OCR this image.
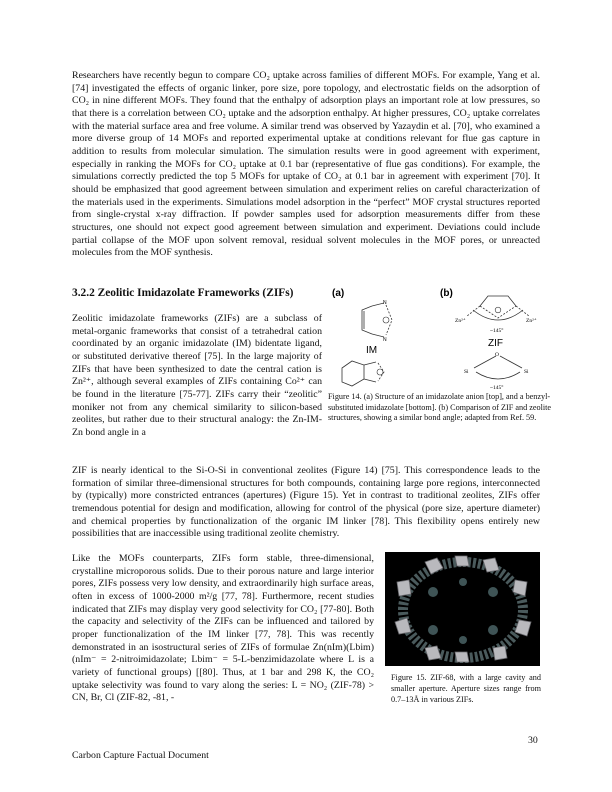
Researchers have recently begun to compare CO₂ uptake across families of different MOFs. For example, Yang et al. [74] investigated the effects of organic linker, pore size, pore topology, and electrostatic fields on the adsorption of CO₂ in nine different MOFs. They found that the enthalpy of adsorption plays an important role at low pressures, so that there is a correlation between CO₂ uptake and the adsorption enthalpy. At higher pressures, CO₂ uptake correlates with the material surface area and free volume. A similar trend was observed by Yazaydin et al. [70], who examined a more diverse group of 14 MOFs and reported experimental uptake at conditions relevant for flue gas capture in addition to results from molecular simulation. The simulation results were in good agreement with experiment, especially in ranking the MOFs for CO₂ uptake at 0.1 bar (representative of flue gas conditions). For example, the simulations correctly predicted the top 5 MOFs for uptake of CO₂ at 0.1 bar in agreement with experiment [70]. It should be emphasized that good agreement between simulation and experiment relies on careful characterization of the materials used in the experiments. Simulations model adsorption in the “perfect” MOF crystal structures reported from single-crystal x-ray diffraction. If powder samples used for adsorption measurements differ from these structures, one should not expect good agreement between simulation and experiment. Deviations could include partial collapse of the MOF upon solvent removal, residual solvent molecules in the MOF pores, or unreacted molecules from the MOF synthesis.

3.2.2 Zeolitic Imidazolate Frameworks (ZIFs)

Zeolitic imidazolate frameworks (ZIFs) are a subclass of metal-organic frameworks that consist of a tetrahedral cation coordinated by an organic imidazolate (IM) bidentate ligand, or substituted derivative thereof [75]. In the large majority of ZIFs that have been synthesized to date the central cation is Zn²⁺, although several examples of ZIFs containing Co²⁺ can be found in the literature [75-77]. ZIFs carry their “zeolitic” moniker not from any chemical similarity to silicon-based zeolites, but rather due to their structural analogy: the Zn-IM-Zn bond angle in a

(a)	(b)
N
N
IM
Zn²⁺	Zn²⁺
~145°
ZIF
O
Si	Si
~145°

Figure 14. (a) Structure of an imidazolate anion [top], and a benzyl-substituted imidazolate [bottom]. (b) Comparison of ZIF and zeolite structures, showing a similar bond angle; adapted from Ref. 59.

ZIF is nearly identical to the Si-O-Si in conventional zeolites (Figure 14) [75]. This correspondence leads to the formation of similar three-dimensional structures for both compounds, containing large pore regions, interconnected by (typically) more constricted entrances (apertures) (Figure 15). Yet in contrast to traditional zeolites, ZIFs offer tremendous potential for design and modification, allowing for control of the physical (pore size, aperture diameter) and chemical properties by functionalization of the organic IM linker [78]. This flexibility opens entirely new possibilities that are inaccessible using traditional zeolite chemistry.

Like the MOFs counterparts, ZIFs form stable, three-dimensional, crystalline microporous solids. Due to their porous nature and large interior pores, ZIFs possess very low density, and extraordinarily high surface areas, often in excess of 1000-2000 m²/g [77, 78]. Furthermore, recent studies indicated that ZIFs may display very good selectivity for CO₂ [77-80]. Both the capacity and selectivity of the ZIFs can be influenced and tailored by proper functionalization of the IM linker [77, 78]. This was recently demonstrated in an isostructural series of ZIFs of formulae Zn(nIm)(Lbim) (nIm⁻ = 2-nitroimidazolate; Lbim⁻ = 5-L-benzimidazolate where L is a variety of functional groups) [[80]. Thus, at 1 bar and 298 K, the CO₂ uptake selectivity was found to vary along the series: L = NO₂ (ZIF-78) > CN, Br, Cl (ZIF-82, -81, -

Figure 15. ZIF-68, with a large cavity and smaller aperture. Aperture sizes range from 0.7–13Å in various ZIFs.

30
Carbon Capture Factual Document
